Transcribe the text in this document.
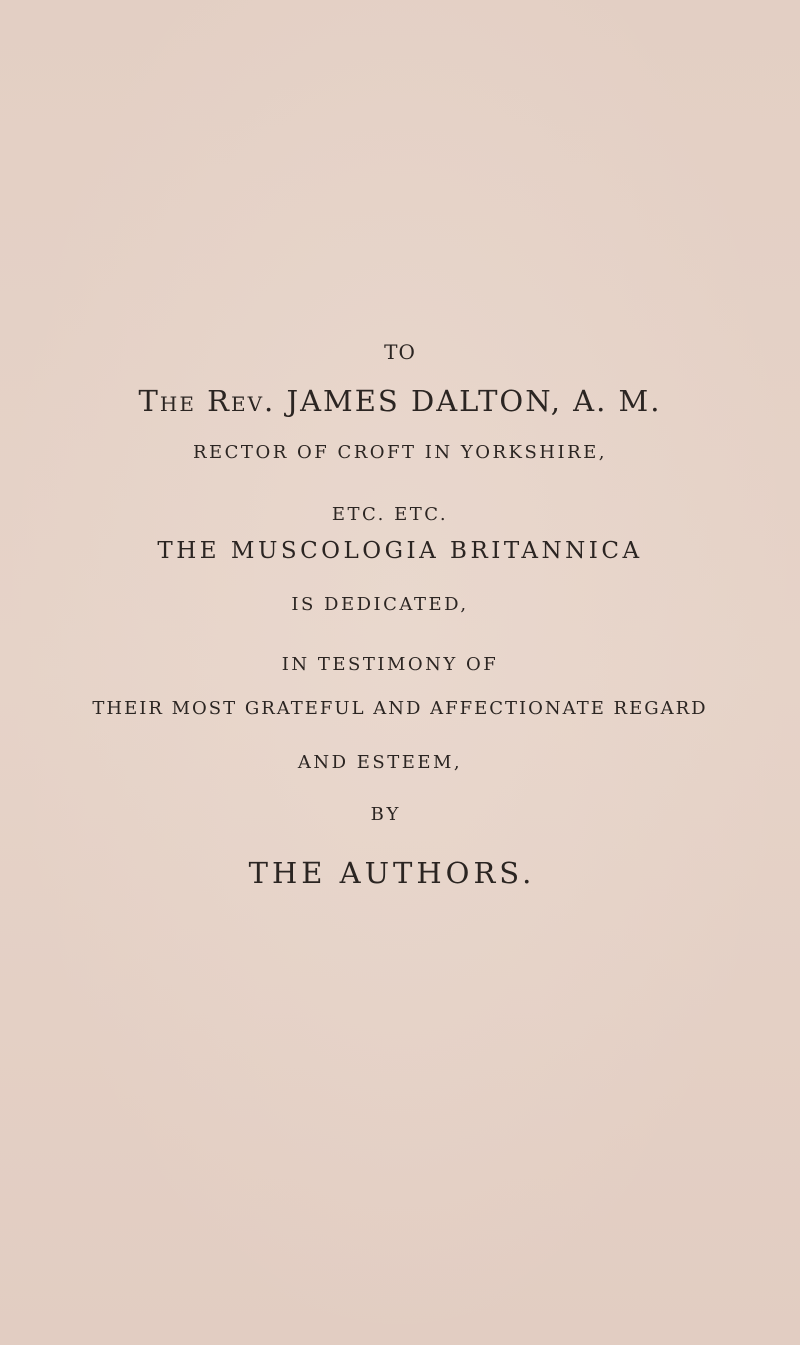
TO
The Rev. JAMES DALTON, A. M.
RECTOR OF CROFT IN YORKSHIRE,
ETC. ETC.
THE MUSCOLOGIA BRITANNICA
IS DEDICATED,
IN TESTIMONY OF
THEIR MOST GRATEFUL AND AFFECTIONATE REGARD
AND ESTEEM,
BY
THE AUTHORS.
